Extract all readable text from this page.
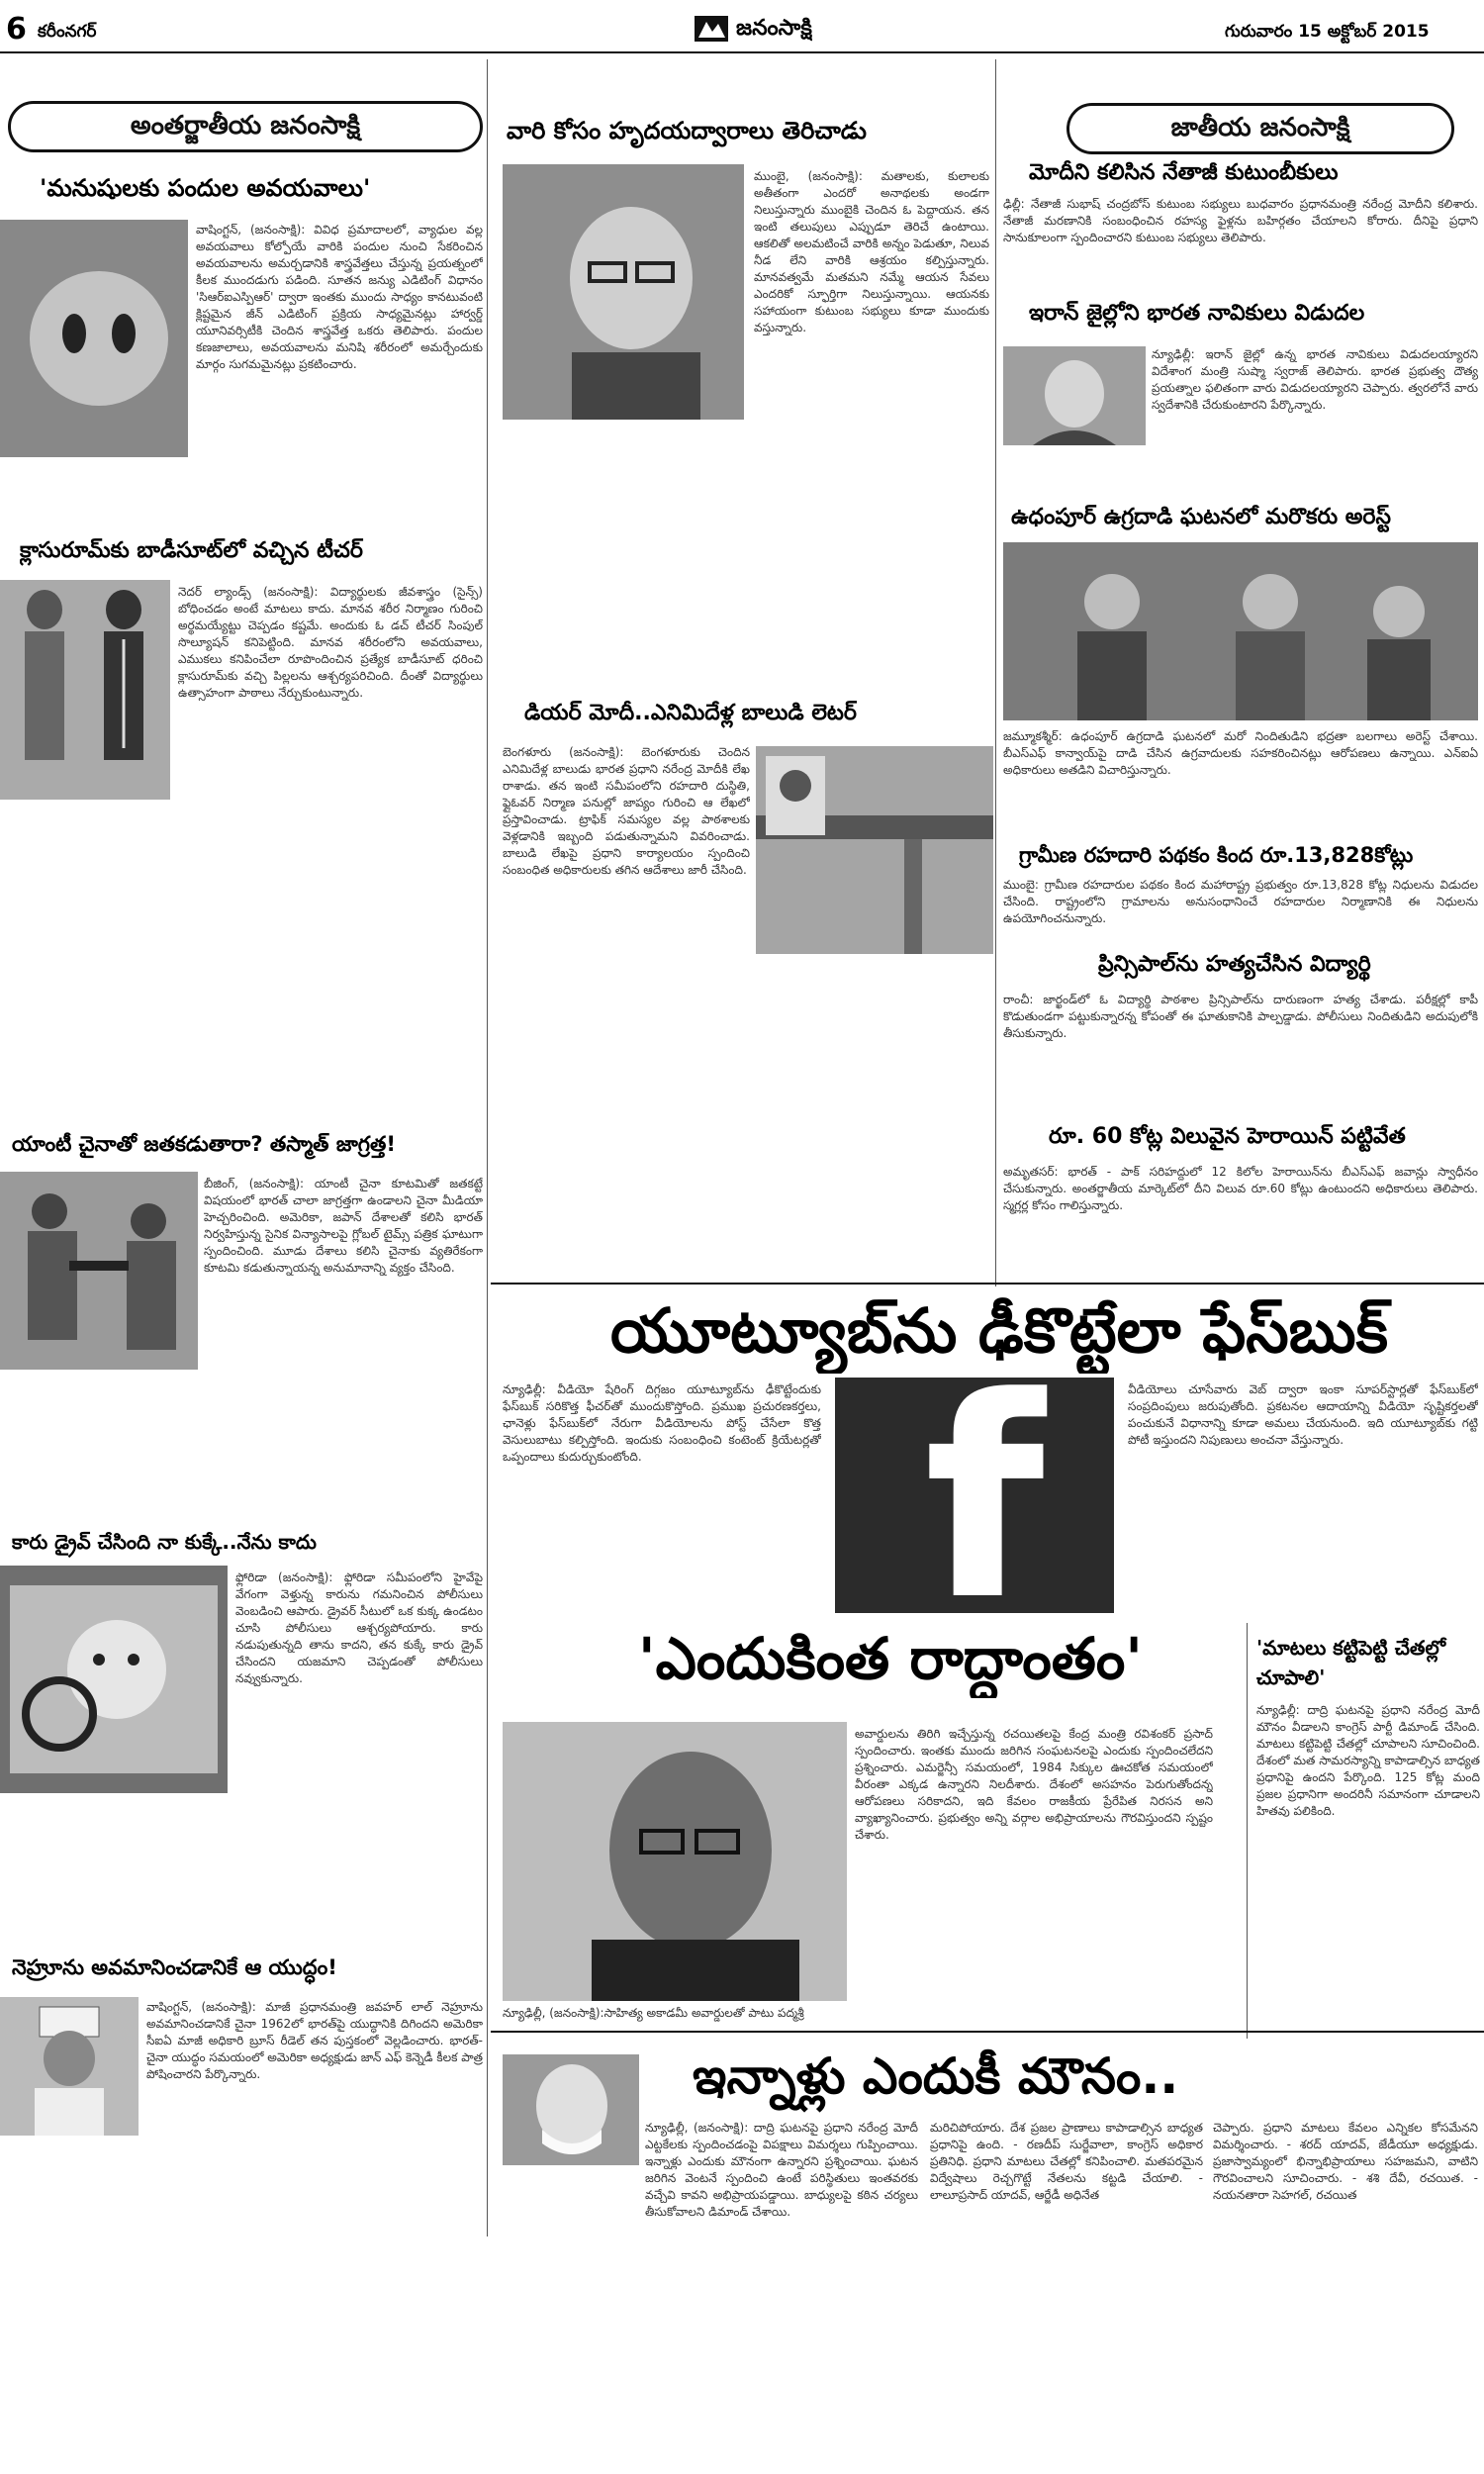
6 కరీంనగర్	జనంసాక్షి	గురువారం 15 అక్టోబర్ 2015
అంతర్జాతీయ జనంసాక్షి
'మనుషులకు పందుల అవయవాలు'
వాషింగ్టన్, (జనంసాక్షి): వివిధ ప్రమాదాలలో, వ్యాధుల వల్ల అవయవాలు కోల్పోయే వారికి పందుల నుంచి సేకరించిన అవయవాలను అమర్చడానికి శాస్త్రవేత్తలు చేస్తున్న ప్రయత్నంలో కీలక ముందడుగు పడింది. సూతన జన్యు ఎడిటింగ్ విధానం 'సిఆర్ఐఎస్పిఆర్' ద్వారా ఇంతకు ముందు సాధ్యం కానటువంటి క్లిష్టమైన జీన్ ఎడిటింగ్ ప్రక్రియ సాధ్యమైనట్లు హార్వర్డ్ యూనివర్సిటీకి చెందిన శాస్త్రవేత్త ఒకరు తెలిపారు. పందుల కణజాలాలు, అవయవాలను మనిషి శరీరంలో అమర్చేందుకు మార్గం సుగమమైనట్లు ప్రకటించారు.
క్లాసురూమ్‌కు బాడీసూట్‌లో వచ్చిన టీచర్
నెదర్ ల్యాండ్స్ (జనంసాక్షి): విద్యార్థులకు జీవశాస్త్రం (సైన్స్) బోధించడం అంటే మాటలు కాదు. మానవ శరీర నిర్మాణం గురించి అర్థమయ్యేట్టు చెప్పడం కష్టమే. అందుకు ఓ డచ్ టీచర్ సింపుల్ సొల్యూషన్ కనిపెట్టింది. మానవ శరీరంలోని అవయవాలు, ఎముకలు కనిపించేలా రూపొందించిన ప్రత్యేక బాడీసూట్ ధరించి క్లాసురూమ్‌కు వచ్చి పిల్లలను ఆశ్చర్యపరిచింది. దీంతో విద్యార్థులు ఉత్సాహంగా పాఠాలు నేర్చుకుంటున్నారు.
యాంటీ చైనాతో జతకడుతారా? తస్మాత్ జాగ్రత్త!
బీజింగ్, (జనంసాక్షి): యాంటీ చైనా కూటమితో జతకట్టే విషయంలో భారత్ చాలా జాగ్రత్తగా ఉండాలని చైనా మీడియా హెచ్చరించింది. అమెరికా, జపాన్ దేశాలతో కలిసి భారత్ నిర్వహిస్తున్న సైనిక విన్యాసాలపై గ్లోబల్ టైమ్స్ పత్రిక ఘాటుగా స్పందించింది. మూడు దేశాలు కలిసి చైనాకు వ్యతిరేకంగా కూటమి కడుతున్నాయన్న అనుమానాన్ని వ్యక్తం చేసింది.
కారు డ్రైవ్ చేసింది నా కుక్కే..నేను కాదు
ఫ్లోరిడా (జనంసాక్షి): ఫ్లోరిడా సమీపంలోని హైవేపై వేగంగా వెళ్తున్న కారును గమనించిన పోలీసులు వెంబడించి ఆపారు. డ్రైవర్ సీటులో ఒక కుక్క ఉండటం చూసి పోలీసులు ఆశ్చర్యపోయారు. కారు నడుపుతున్నది తాను కాదని, తన కుక్కే కారు డ్రైవ్ చేసిందని యజమాని చెప్పడంతో పోలీసులు నవ్వుకున్నారు.
నెహ్రూను అవమానించడానికే ఆ యుద్ధం!
వాషింగ్టన్, (జనంసాక్షి): మాజీ ప్రధానమంత్రి జవహర్ లాల్ నెహ్రూను అవమానించడానికే చైనా 1962లో భారత్‌పై యుద్ధానికి దిగిందని అమెరికా సీఐఏ మాజీ అధికారి బ్రూస్ రీడెల్ తన పుస్తకంలో వెల్లడించారు. భారత్-చైనా యుద్ధం సమయంలో అమెరికా అధ్యక్షుడు జాన్ ఎఫ్ కెన్నెడీ కీలక పాత్ర పోషించారని పేర్కొన్నారు.
వారి కోసం హృదయద్వారాలు తెరిచాడు
ముంబై, (జనంసాక్షి): మతాలకు, కులాలకు అతీతంగా ఎందరో అనాథలకు అండగా నిలుస్తున్నారు ముంబైకి చెందిన ఓ పెద్దాయన. తన ఇంటి తలుపులు ఎప్పుడూ తెరిచే ఉంటాయి. ఆకలితో అలమటించే వారికి అన్నం పెడుతూ, నిలువ నీడ లేని వారికి ఆశ్రయం కల్పిస్తున్నారు. మానవత్వమే మతమని నమ్మే ఆయన సేవలు ఎందరికో స్ఫూర్తిగా నిలుస్తున్నాయి. ఆయనకు సహాయంగా కుటుంబ సభ్యులు కూడా ముందుకు వస్తున్నారు.
డియర్ మోదీ..ఎనిమిదేళ్ల బాలుడి లెటర్
బెంగళూరు (జనంసాక్షి): బెంగళూరుకు చెందిన ఎనిమిదేళ్ల బాలుడు భారత ప్రధాని నరేంద్ర మోదీకి లేఖ రాశాడు. తన ఇంటి సమీపంలోని రహదారి దుస్థితి, ఫ్లైఓవర్ నిర్మాణ పనుల్లో జాప్యం గురించి ఆ లేఖలో ప్రస్తావించాడు. ట్రాఫిక్ సమస్యల వల్ల పాఠశాలకు వెళ్లడానికి ఇబ్బంది పడుతున్నామని వివరించాడు. బాలుడి లేఖపై ప్రధాని కార్యాలయం స్పందించి సంబంధిత అధికారులకు తగిన ఆదేశాలు జారీ చేసింది.
జాతీయ జనంసాక్షి
మోదీని కలిసిన నేతాజీ కుటుంబీకులు
ఢిల్లీ: నేతాజీ సుభాష్ చంద్రబోస్ కుటుంబ సభ్యులు బుధవారం ప్రధానమంత్రి నరేంద్ర మోదీని కలిశారు. నేతాజీ మరణానికి సంబంధించిన రహస్య ఫైళ్లను బహిర్గతం చేయాలని కోరారు. దీనిపై ప్రధాని సానుకూలంగా స్పందించారని కుటుంబ సభ్యులు తెలిపారు.
ఇరాన్ జైల్లోని భారత నావికులు విడుదల
న్యూఢిల్లీ: ఇరాన్ జైల్లో ఉన్న భారత నావికులు విడుదలయ్యారని విదేశాంగ మంత్రి సుష్మా స్వరాజ్ తెలిపారు. భారత ప్రభుత్వ దౌత్య ప్రయత్నాల ఫలితంగా వారు విడుదలయ్యారని చెప్పారు. త్వరలోనే వారు స్వదేశానికి చేరుకుంటారని పేర్కొన్నారు.
ఉధంపూర్ ఉగ్రదాడి ఘటనలో మరొకరు అరెస్ట్
జమ్మూకశ్మీర్: ఉధంపూర్ ఉగ్రదాడి ఘటనలో మరో నిందితుడిని భద్రతా బలగాలు అరెస్ట్ చేశాయి. బీఎస్ఎఫ్ కాన్వాయ్‌పై దాడి చేసిన ఉగ్రవాదులకు సహకరించినట్లు ఆరోపణలు ఉన్నాయి. ఎన్ఐఏ అధికారులు అతడిని విచారిస్తున్నారు.
గ్రామీణ రహదారి పథకం కింద రూ.13,828కోట్లు
ముంబై: గ్రామీణ రహదారుల పథకం కింద మహారాష్ట్ర ప్రభుత్వం రూ.13,828 కోట్ల నిధులను విడుదల చేసింది. రాష్ట్రంలోని గ్రామాలను అనుసంధానించే రహదారుల నిర్మాణానికి ఈ నిధులను ఉపయోగించనున్నారు.
ప్రిన్సిపాల్‌ను హత్యచేసిన విద్యార్థి
రాంచీ: జార్ఖండ్‌లో ఓ విద్యార్థి పాఠశాల ప్రిన్సిపాల్‌ను దారుణంగా హత్య చేశాడు. పరీక్షల్లో కాపీ కొడుతుండగా పట్టుకున్నారన్న కోపంతో ఈ ఘాతుకానికి పాల్పడ్డాడు. పోలీసులు నిందితుడిని అదుపులోకి తీసుకున్నారు.
రూ. 60 కోట్ల విలువైన హెరాయిన్ పట్టివేత
అమృతసర్: భారత్ - పాక్ సరిహద్దులో 12 కిలోల హెరాయిన్‌ను బీఎస్ఎఫ్ జవాన్లు స్వాధీనం చేసుకున్నారు. అంతర్జాతీయ మార్కెట్‌లో దీని విలువ రూ.60 కోట్లు ఉంటుందని అధికారులు తెలిపారు. స్మగ్లర్ల కోసం గాలిస్తున్నారు.
యూట్యూబ్‌ను ఢీకొట్టేలా ఫేస్‌బుక్
న్యూఢిల్లీ: వీడియో షేరింగ్ దిగ్గజం యూట్యూబ్‌ను ఢీకొట్టేందుకు ఫేస్‌బుక్ సరికొత్త ఫీచర్‌తో ముందుకొస్తోంది. ప్రముఖ ప్రచురణకర్తలు, ఛానెళ్లు ఫేస్‌బుక్‌లో నేరుగా వీడియోలను పోస్ట్ చేసేలా కొత్త వెసులుబాటు కల్పిస్తోంది. ఇందుకు సంబంధించి కంటెంట్ క్రియేటర్లతో ఒప్పందాలు కుదుర్చుకుంటోంది.	f	వీడియోలు చూసేవారు వెబ్ ద్వారా ఇంకా సూపర్‌స్టార్లతో ఫేస్‌బుక్‌లో సంప్రదింపులు జరుపుతోంది. ప్రకటనల ఆదాయాన్ని వీడియో సృష్టికర్తలతో పంచుకునే విధానాన్ని కూడా అమలు చేయనుంది. ఇది యూట్యూబ్‌కు గట్టి పోటీ ఇస్తుందని నిపుణులు అంచనా వేస్తున్నారు.
'ఎందుకింత రాద్ధాంతం'
న్యూఢిల్లీ, (జనంసాక్షి):సాహిత్య అకాడమీ అవార్డులతో పాటు పద్మశ్రీ
అవార్డులను తిరిగి ఇచ్చేస్తున్న రచయితలపై కేంద్ర మంత్రి రవిశంకర్ ప్రసాద్ స్పందించారు. ఇంతకు ముందు జరిగిన సంఘటనలపై ఎందుకు స్పందించలేదని ప్రశ్నించారు. ఎమర్జెన్సీ సమయంలో, 1984 సిక్కుల ఊచకోత సమయంలో వీరంతా ఎక్కడ ఉన్నారని నిలదీశారు. దేశంలో అసహనం పెరుగుతోందన్న ఆరోపణలు సరికాదని, ఇది కేవలం రాజకీయ ప్రేరేపిత నిరసన అని వ్యాఖ్యానించారు. ప్రభుత్వం అన్ని వర్గాల అభిప్రాయాలను గౌరవిస్తుందని స్పష్టం చేశారు.
'మాటలు కట్టిపెట్టి చేతల్లో చూపాలి'
న్యూఢిల్లీ: దాద్రి ఘటనపై ప్రధాని నరేంద్ర మోదీ మౌనం వీడాలని కాంగ్రెస్ పార్టీ డిమాండ్ చేసింది. మాటలు కట్టిపెట్టి చేతల్లో చూపాలని సూచించింది. దేశంలో మత సామరస్యాన్ని కాపాడాల్సిన బాధ్యత ప్రధానిపై ఉందని పేర్కొంది. 125 కోట్ల మంది ప్రజల ప్రధానిగా అందరినీ సమానంగా చూడాలని హితవు పలికింది.
ఇన్నాళ్లు ఎందుకీ మౌనం..
న్యూఢిల్లీ, (జనంసాక్షి): దాద్రి ఘటనపై ప్రధాని నరేంద్ర మోదీ ఎట్టకేలకు స్పందించడంపై విపక్షాలు విమర్శలు గుప్పించాయి. ఇన్నాళ్లు ఎందుకు మౌనంగా ఉన్నారని ప్రశ్నించాయి. ఘటన జరిగిన వెంటనే స్పందించి ఉంటే పరిస్థితులు ఇంతవరకు వచ్చేవి కావని అభిప్రాయపడ్డాయి. బాధ్యులపై కఠిన చర్యలు తీసుకోవాలని డిమాండ్ చేశాయి.
మరిచిపోయారు. దేశ ప్రజల ప్రాణాలు కాపాడాల్సిన బాధ్యత ప్రధానిపై ఉంది. - రణదీప్ సుర్జేవాలా, కాంగ్రెస్ అధికార ప్రతినిధి. ప్రధాని మాటలు చేతల్లో కనిపించాలి. మతపరమైన విద్వేషాలు రెచ్చగొట్టే నేతలను కట్టడి చేయాలి. - లాలూప్రసాద్ యాదవ్, ఆర్జేడీ అధినేత
చెప్పారు. ప్రధాని మాటలు కేవలం ఎన్నికల కోసమేనని విమర్శించారు. - శరద్ యాదవ్, జేడీయూ అధ్యక్షుడు. ప్రజాస్వామ్యంలో భిన్నాభిప్రాయాలు సహజమని, వాటిని గౌరవించాలని సూచించారు. - శశి దేవీ, రచయిత. - నయనతారా సెహగల్, రచయిత
